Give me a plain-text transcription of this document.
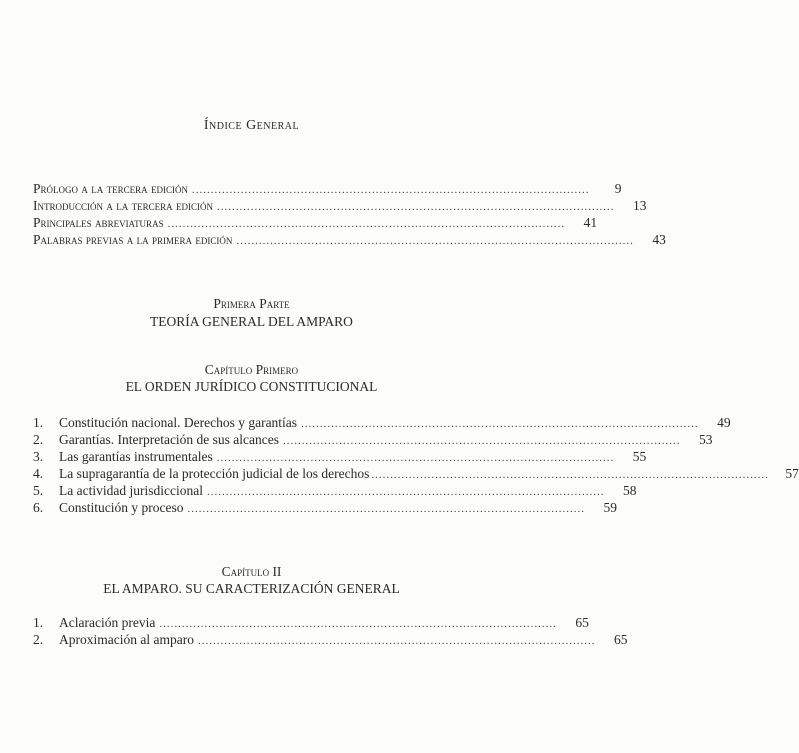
Índice General
Prólogo a la tercera edición ..........................................................................................................	9
Introducción a la tercera edición ..........................................................................................................	13
Principales abreviaturas ..........................................................................................................	41
Palabras previas a la primera edición ..........................................................................................................	43
Primera Parte
TEORÍA GENERAL DEL AMPARO
Capítulo Primero
EL ORDEN JURÍDICO CONSTITUCIONAL
1.	Constitución nacional. Derechos y garantías ..........................................................................................................	49
2.	Garantías. Interpretación de sus alcances ..........................................................................................................	53
3.	Las garantías instrumentales ..........................................................................................................	55
4.	La supragarantía de la protección judicial de los derechos ..........................................................................................................	57
5.	La actividad jurisdiccional ..........................................................................................................	58
6.	Constitución y proceso ..........................................................................................................	59
Capítulo II
EL AMPARO. SU CARACTERIZACIÓN GENERAL
1.	Aclaración previa ..........................................................................................................	65
2.	Aproximación al amparo ..........................................................................................................	65
